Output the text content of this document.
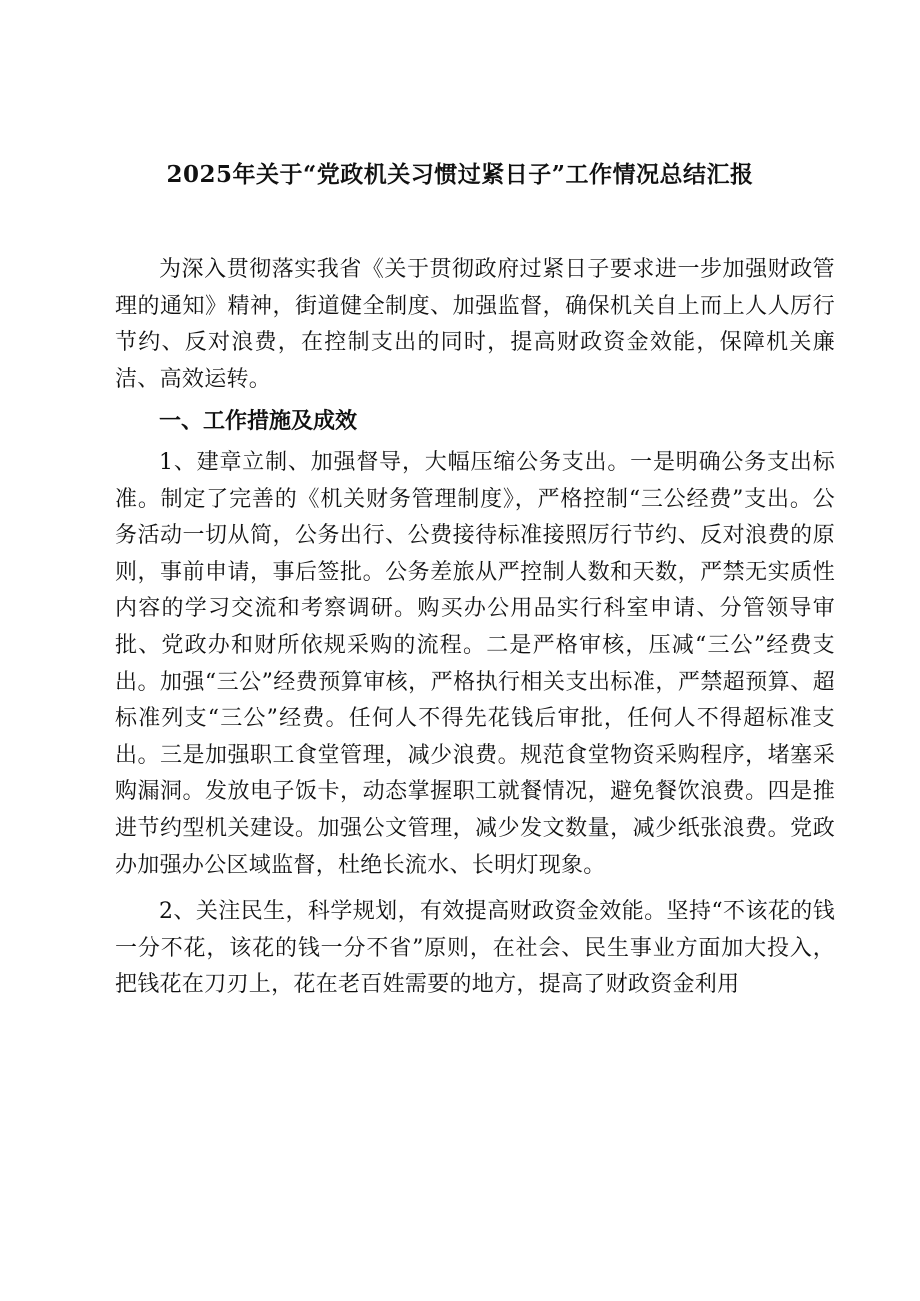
2025年关于“党政机关习惯过紧日子”工作情况总结汇报

为深入贯彻落实我省《关于贯彻政府过紧日子要求进一步加强财政管理的通知》精神，街道健全制度、加强监督，确保机关自上而上人人厉行节约、反对浪费，在控制支出的同时，提高财政资金效能，保障机关廉洁、高效运转。

一、工作措施及成效

1、建章立制、加强督导，大幅压缩公务支出。一是明确公务支出标准。制定了完善的《机关财务管理制度》，严格控制“三公经费”支出。公务活动一切从简，公务出行、公费接待标准接照厉行节约、反对浪费的原则，事前申请，事后签批。公务差旅从严控制人数和天数，严禁无实质性内容的学习交流和考察调研。购买办公用品实行科室申请、分管领导审批、党政办和财所依规采购的流程。二是严格审核，压减“三公”经费支出。加强“三公”经费预算审核，严格执行相关支出标准，严禁超预算、超标准列支“三公”经费。任何人不得先花钱后审批，任何人不得超标准支出。三是加强职工食堂管理，减少浪费。规范食堂物资采购程序，堵塞采购漏洞。发放电子饭卡，动态掌握职工就餐情况，避免餐饮浪费。四是推进节约型机关建设。加强公文管理，减少发文数量，减少纸张浪费。党政办加强办公区域监督，杜绝长流水、长明灯现象。

2、关注民生，科学规划，有效提高财政资金效能。坚持“不该花的钱一分不花，该花的钱一分不省”原则，在社会、民生事业方面加大投入，把钱花在刀刃上，花在老百姓需要的地方，提高了财政资金利用
